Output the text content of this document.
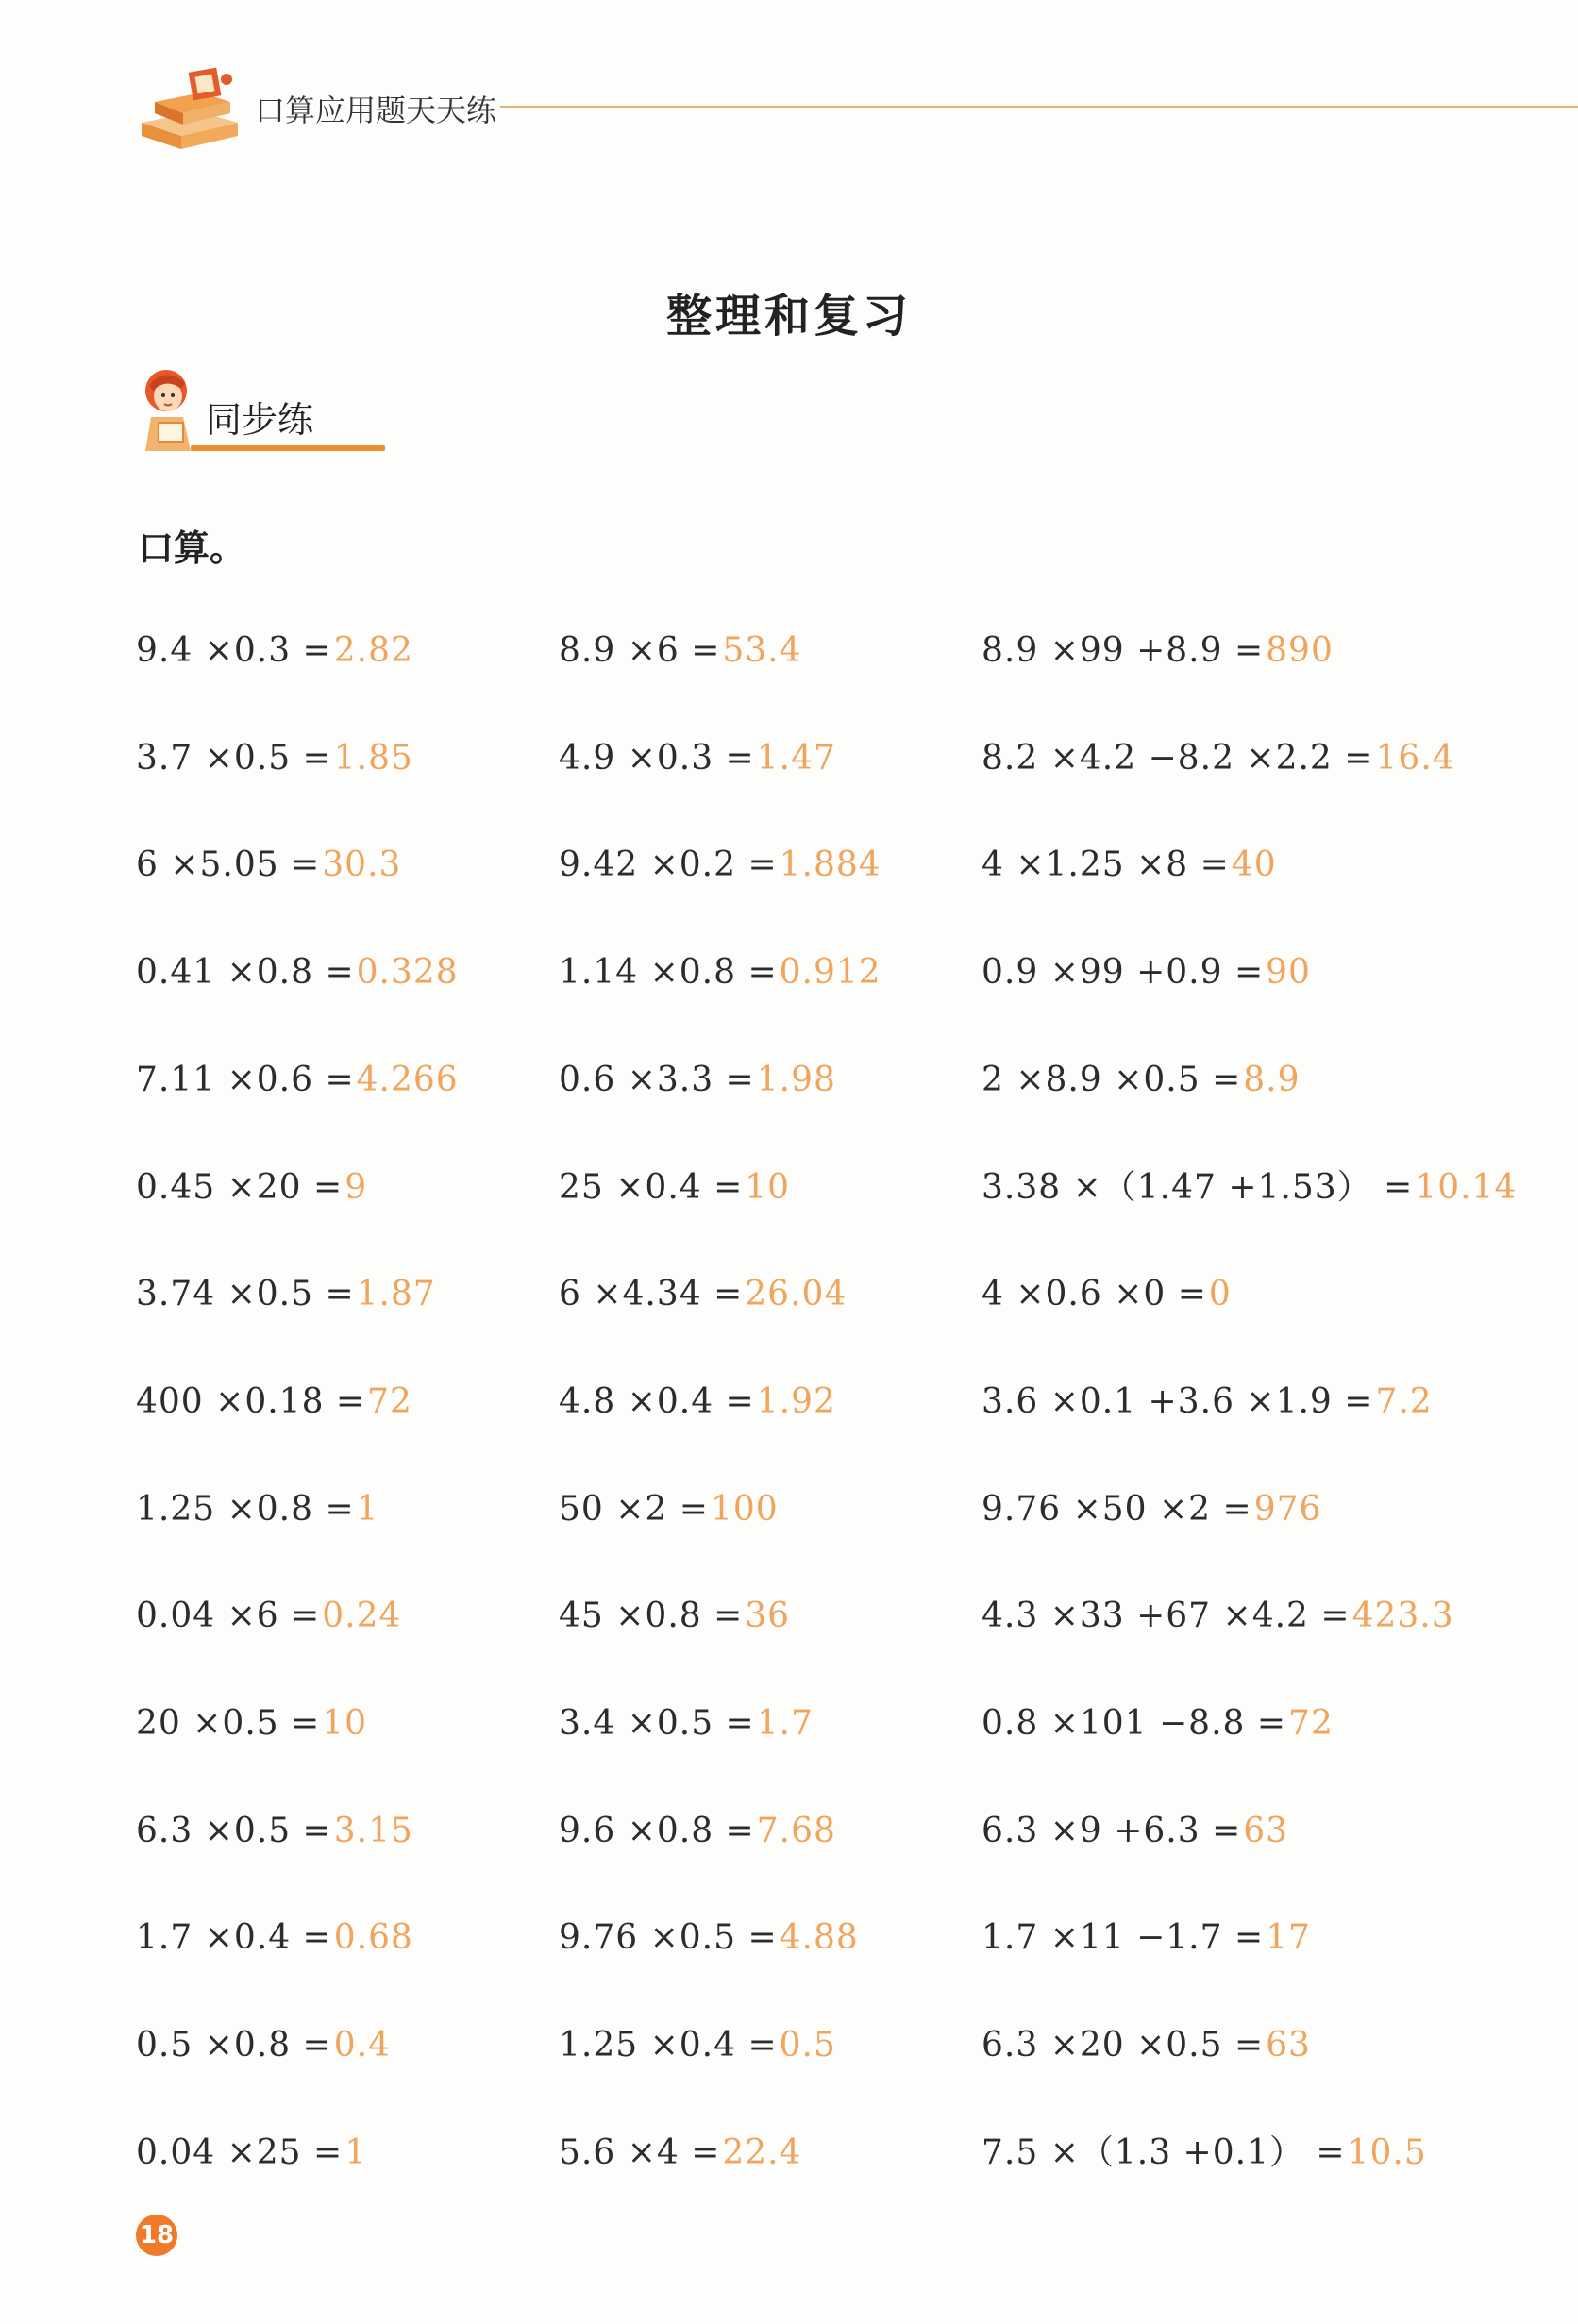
口算应用题天天练
整理和复习
同步练
口算。
9.4 ×0.3 =2.82
3.7 ×0.5 =1.85
6 ×5.05 =30.3
0.41 ×0.8 =0.328
7.11 ×0.6 =4.266
0.45 ×20 =9
3.74 ×0.5 =1.87
400 ×0.18 =72
1.25 ×0.8 =1
0.04 ×6 =0.24
20 ×0.5 =10
6.3 ×0.5 =3.15
1.7 ×0.4 =0.68
0.5 ×0.8 =0.4
0.04 ×25 =1
8.9 ×6 =53.4
4.9 ×0.3 =1.47
9.42 ×0.2 =1.884
1.14 ×0.8 =0.912
0.6 ×3.3 =1.98
25 ×0.4 =10
6 ×4.34 =26.04
4.8 ×0.4 =1.92
50 ×2 =100
45 ×0.8 =36
3.4 ×0.5 =1.7
9.6 ×0.8 =7.68
9.76 ×0.5 =4.88
1.25 ×0.4 =0.5
5.6 ×4 =22.4
8.9 ×99 +8.9 =890
8.2 ×4.2 −8.2 ×2.2 =16.4
4 ×1.25 ×8 =40
0.9 ×99 +0.9 =90
2 ×8.9 ×0.5 =8.9
3.38 ×（1.47 +1.53） =10.14
4 ×0.6 ×0 =0
3.6 ×0.1 +3.6 ×1.9 =7.2
9.76 ×50 ×2 =976
4.3 ×33 +67 ×4.2 =423.3
0.8 ×101 −8.8 =72
6.3 ×9 +6.3 =63
1.7 ×11 −1.7 =17
6.3 ×20 ×0.5 =63
7.5 ×（1.3 +0.1） =10.5
18
